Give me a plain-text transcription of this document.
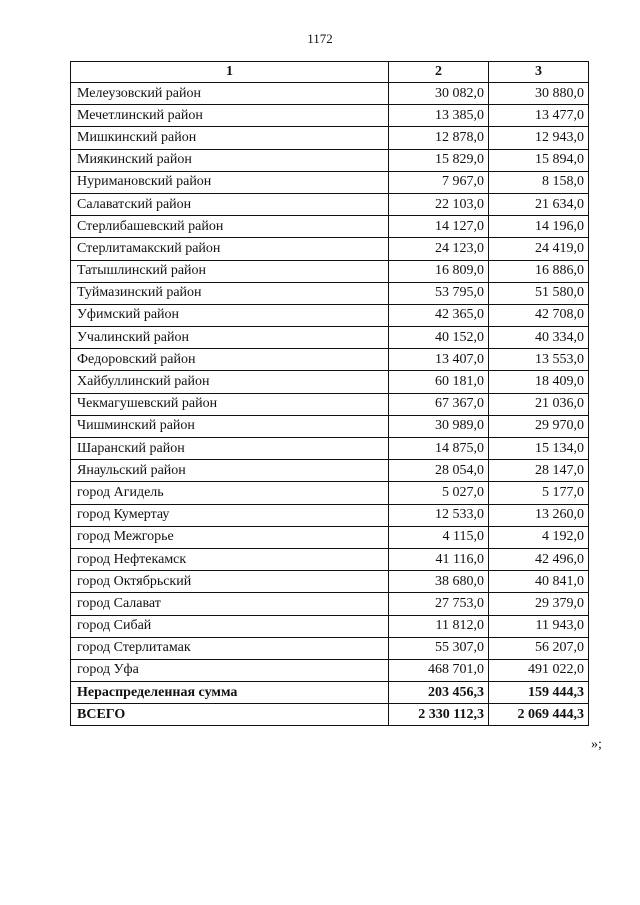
1172
1	2	3
Мелеузовский район	30 082,0	30 880,0
Мечетлинский район	13 385,0	13 477,0
Мишкинский район	12 878,0	12 943,0
Миякинский район	15 829,0	15 894,0
Нуримановский район	7 967,0	8 158,0
Салаватский район	22 103,0	21 634,0
Стерлибашевский район	14 127,0	14 196,0
Стерлитамакский район	24 123,0	24 419,0
Татышлинский район	16 809,0	16 886,0
Туймазинский район	53 795,0	51 580,0
Уфимский район	42 365,0	42 708,0
Учалинский район	40 152,0	40 334,0
Федоровский район	13 407,0	13 553,0
Хайбуллинский район	60 181,0	18 409,0
Чекмагушевский район	67 367,0	21 036,0
Чишминский район	30 989,0	29 970,0
Шаранский район	14 875,0	15 134,0
Янаульский район	28 054,0	28 147,0
город Агидель	5 027,0	5 177,0
город Кумертау	12 533,0	13 260,0
город Межгорье	4 115,0	4 192,0
город Нефтекамск	41 116,0	42 496,0
город Октябрьский	38 680,0	40 841,0
город Салават	27 753,0	29 379,0
город Сибай	11 812,0	11 943,0
город Стерлитамак	55 307,0	56 207,0
город Уфа	468 701,0	491 022,0
Нераспределенная сумма	203 456,3	159 444,3
ВСЕГО	2 330 112,3	2 069 444,3
»;
